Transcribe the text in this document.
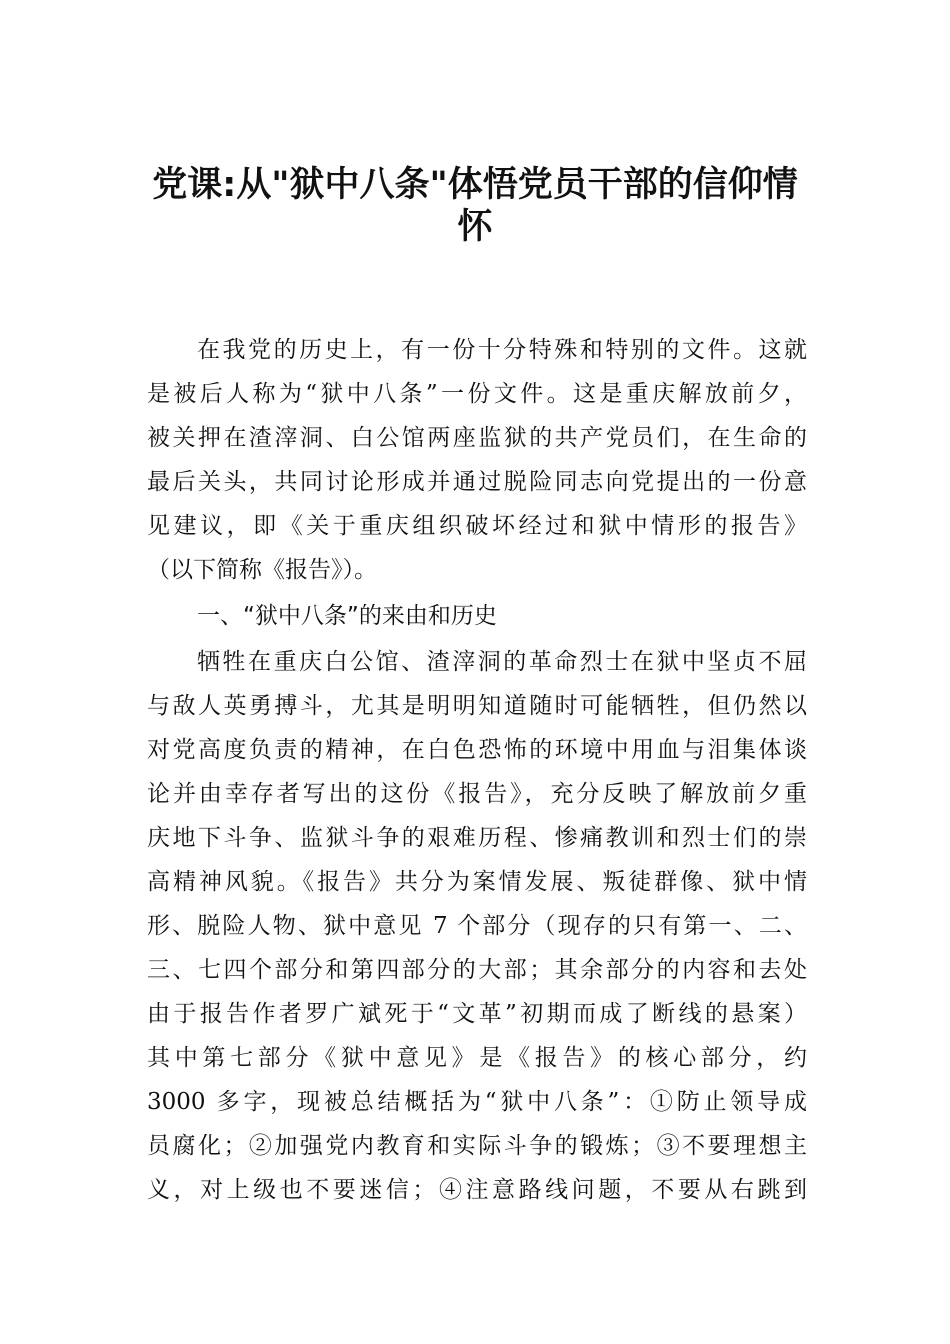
党课:从"狱中八条"体悟党员干部的信仰情
怀
在我党的历史上，有一份十分特殊和特别的文件。这就
是被后人称为“狱中八条”一份文件。这是重庆解放前夕，
被关押在渣滓洞、白公馆两座监狱的共产党员们，在生命的
最后关头，共同讨论形成并通过脱险同志向党提出的一份意
见建议，即《关于重庆组织破坏经过和狱中情形的报告》
（以下简称《报告》）。
一、“狱中八条”的来由和历史
牺牲在重庆白公馆、渣滓洞的革命烈士在狱中坚贞不屈
与敌人英勇搏斗，尤其是明明知道随时可能牺牲，但仍然以
对党高度负责的精神，在白色恐怖的环境中用血与泪集体谈
论并由幸存者写出的这份《报告》，充分反映了解放前夕重
庆地下斗争、监狱斗争的艰难历程、惨痛教训和烈士们的崇
高精神风貌。《报告》共分为案情发展、叛徒群像、狱中情
形、脱险人物、狱中意见 7 个部分（现存的只有第一、二、
三、七四个部分和第四部分的大部；其余部分的内容和去处
由于报告作者罗广斌死于“文革”初期而成了断线的悬案）
其中第七部分《狱中意见》是《报告》的核心部分，约
3000 多字，现被总结概括为“狱中八条”：①防止领导成
员腐化；②加强党内教育和实际斗争的锻炼；③不要理想主
义，对上级也不要迷信；④注意路线问题，不要从右跳到
